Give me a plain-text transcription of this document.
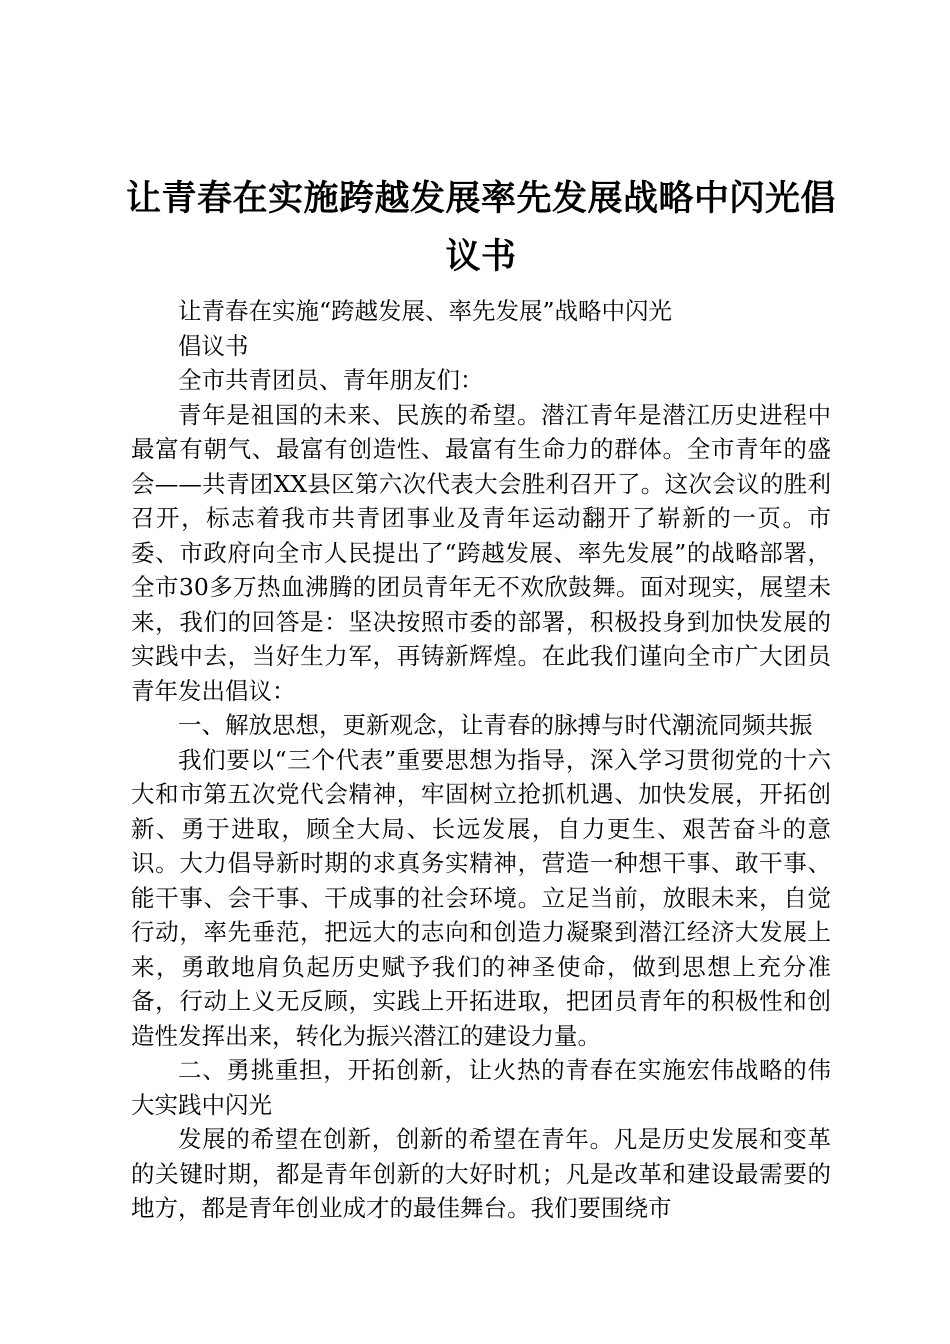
让青春在实施跨越发展率先发展战略中闪光倡议书

让青春在实施“跨越发展、率先发展”战略中闪光

倡议书

全市共青团员、青年朋友们：

青年是祖国的未来、民族的希望。潜江青年是潜江历史进程中最富有朝气、最富有创造性、最富有生命力的群体。全市青年的盛会——共青团XX县区第六次代表大会胜利召开了。这次会议的胜利召开，标志着我市共青团事业及青年运动翻开了崭新的一页。市委、市政府向全市人民提出了“跨越发展、率先发展”的战略部署，全市30多万热血沸腾的团员青年无不欢欣鼓舞。面对现实，展望未来，我们的回答是：坚决按照市委的部署，积极投身到加快发展的实践中去，当好生力军，再铸新辉煌。在此我们谨向全市广大团员青年发出倡议：

一、解放思想，更新观念，让青春的脉搏与时代潮流同频共振

我们要以“三个代表”重要思想为指导，深入学习贯彻党的十六大和市第五次党代会精神，牢固树立抢抓机遇、加快发展，开拓创新、勇于进取，顾全大局、长远发展，自力更生、艰苦奋斗的意识。大力倡导新时期的求真务实精神，营造一种想干事、敢干事、能干事、会干事、干成事的社会环境。立足当前，放眼未来，自觉行动，率先垂范，把远大的志向和创造力凝聚到潜江经济大发展上来，勇敢地肩负起历史赋予我们的神圣使命，做到思想上充分准备，行动上义无反顾，实践上开拓进取，把团员青年的积极性和创造性发挥出来，转化为振兴潜江的建设力量。

二、勇挑重担，开拓创新，让火热的青春在实施宏伟战略的伟大实践中闪光

发展的希望在创新，创新的希望在青年。凡是历史发展和变革的关键时期，都是青年创新的大好时机；凡是改革和建设最需要的地方，都是青年创业成才的最佳舞台。我们要围绕市
